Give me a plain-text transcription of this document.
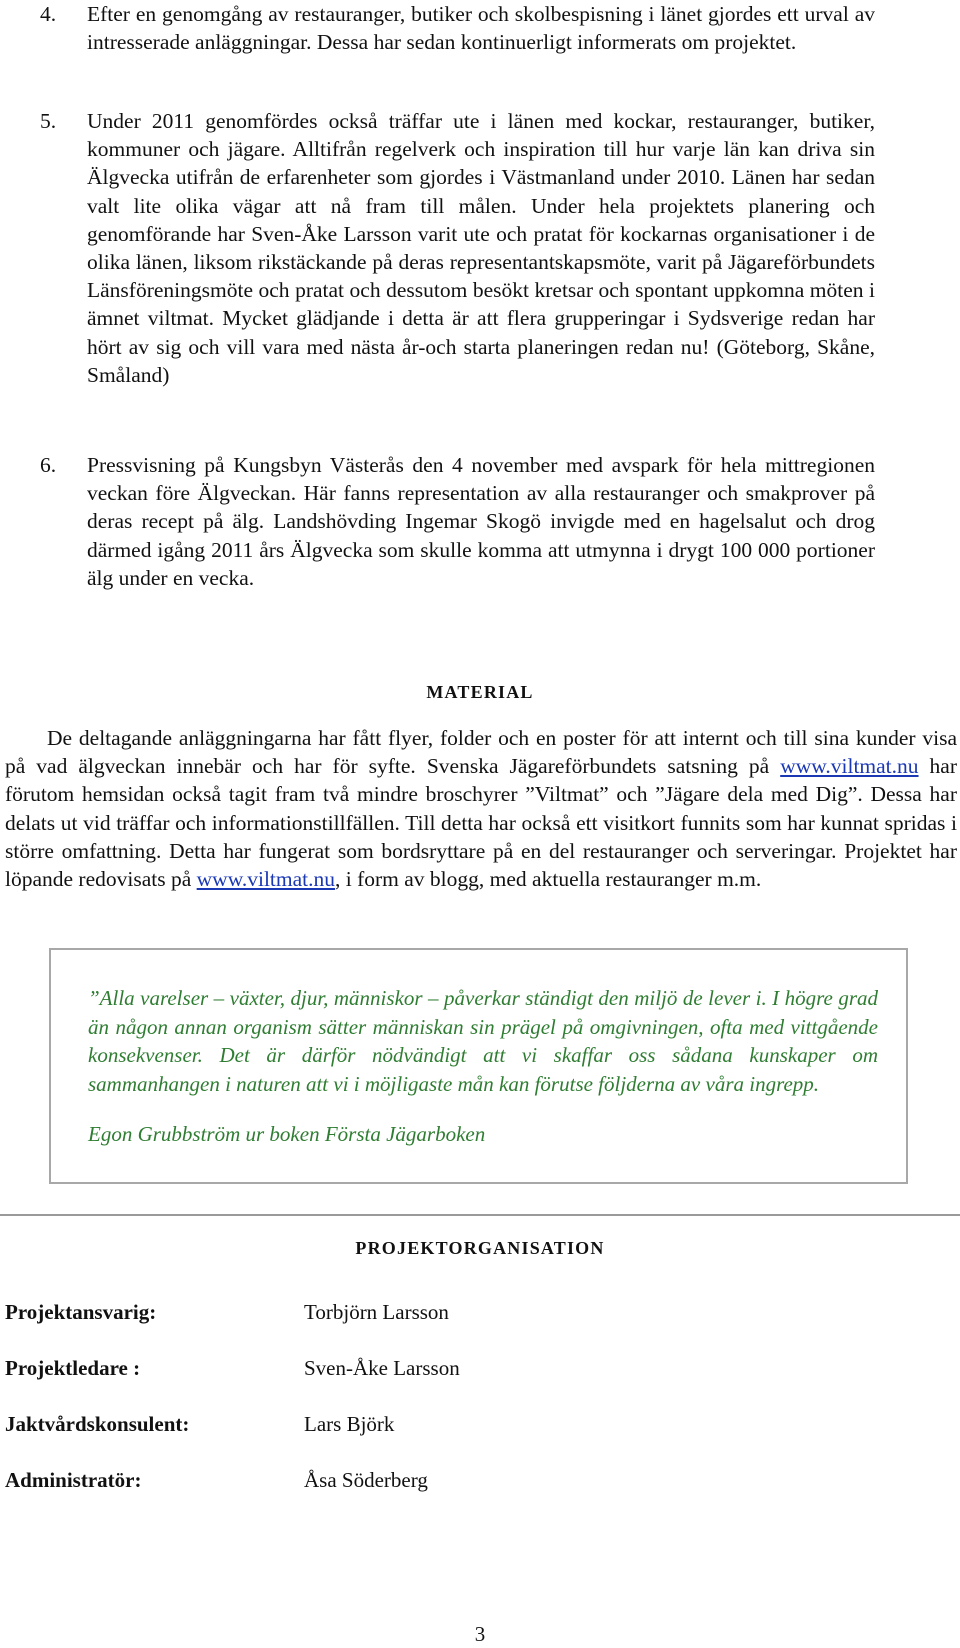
4.	Efter en genomgång av restauranger, butiker och skolbespisning i länet gjordes ett urval av intresserade anläggningar. Dessa har sedan kontinuerligt informerats om projektet.
5.	Under 2011 genomfördes också träffar ute i länen med kockar, restauranger, butiker, kommuner och jägare. Alltifrån regelverk och inspiration till hur varje län kan driva sin Älgvecka utifrån de erfarenheter som gjordes i Västmanland under 2010. Länen har sedan valt lite olika vägar att nå fram till målen. Under hela projektets planering och genomförande har Sven-Åke Larsson varit ute och pratat för kockarnas organisationer i de olika länen, liksom rikstäckande på deras representantskapsmöte, varit på Jägareförbundets Länsföreningsmöte och pratat och dessutom besökt kretsar och spontant uppkomna möten i ämnet viltmat. Mycket glädjande i detta är att flera grupperingar i Sydsverige redan har hört av sig och vill vara med nästa år-och starta planeringen redan nu! (Göteborg, Skåne, Småland)
6.	Pressvisning på Kungsbyn Västerås den 4 november med avspark för hela mittregionen veckan före Älgveckan. Här fanns representation av alla restauranger och smakprover på deras recept på älg. Landshövding Ingemar Skogö invigde med en hagelsalut och drog därmed igång 2011 års Älgvecka som skulle komma att utmynna i drygt 100 000 portioner älg under en vecka.
MATERIAL
De deltagande anläggningarna har fått flyer, folder och en poster för att internt och till sina kunder visa på vad älgveckan innebär och har för syfte. Svenska Jägareförbundets satsning på www.viltmat.nu har förutom hemsidan också tagit fram två mindre broschyrer ”Viltmat” och ”Jägare dela med Dig”. Dessa har delats ut vid träffar och informationstillfällen. Till detta har också ett visitkort funnits som har kunnat spridas i större omfattning. Detta har fungerat som bordsryttare på en del restauranger och serveringar. Projektet har löpande redovisats på www.viltmat.nu, i form av blogg, med aktuella restauranger m.m.
”Alla varelser – växter, djur, människor – påverkar ständigt den miljö de lever i. I högre grad än någon annan organism sätter människan sin prägel på omgivningen, ofta med vittgående konsekvenser. Det är därför nödvändigt att vi skaffar oss sådana kunskaper om sammanhangen i naturen att vi i möjligaste mån kan förutse följderna av våra ingrepp.
Egon Grubbström ur boken Första Jägarboken
PROJEKTORGANISATION
Projektansvarig:	Torbjörn Larsson
Projektledare :	Sven-Åke Larsson
Jaktvårdskonsulent:	Lars Björk
Administratör:	Åsa Söderberg
3
